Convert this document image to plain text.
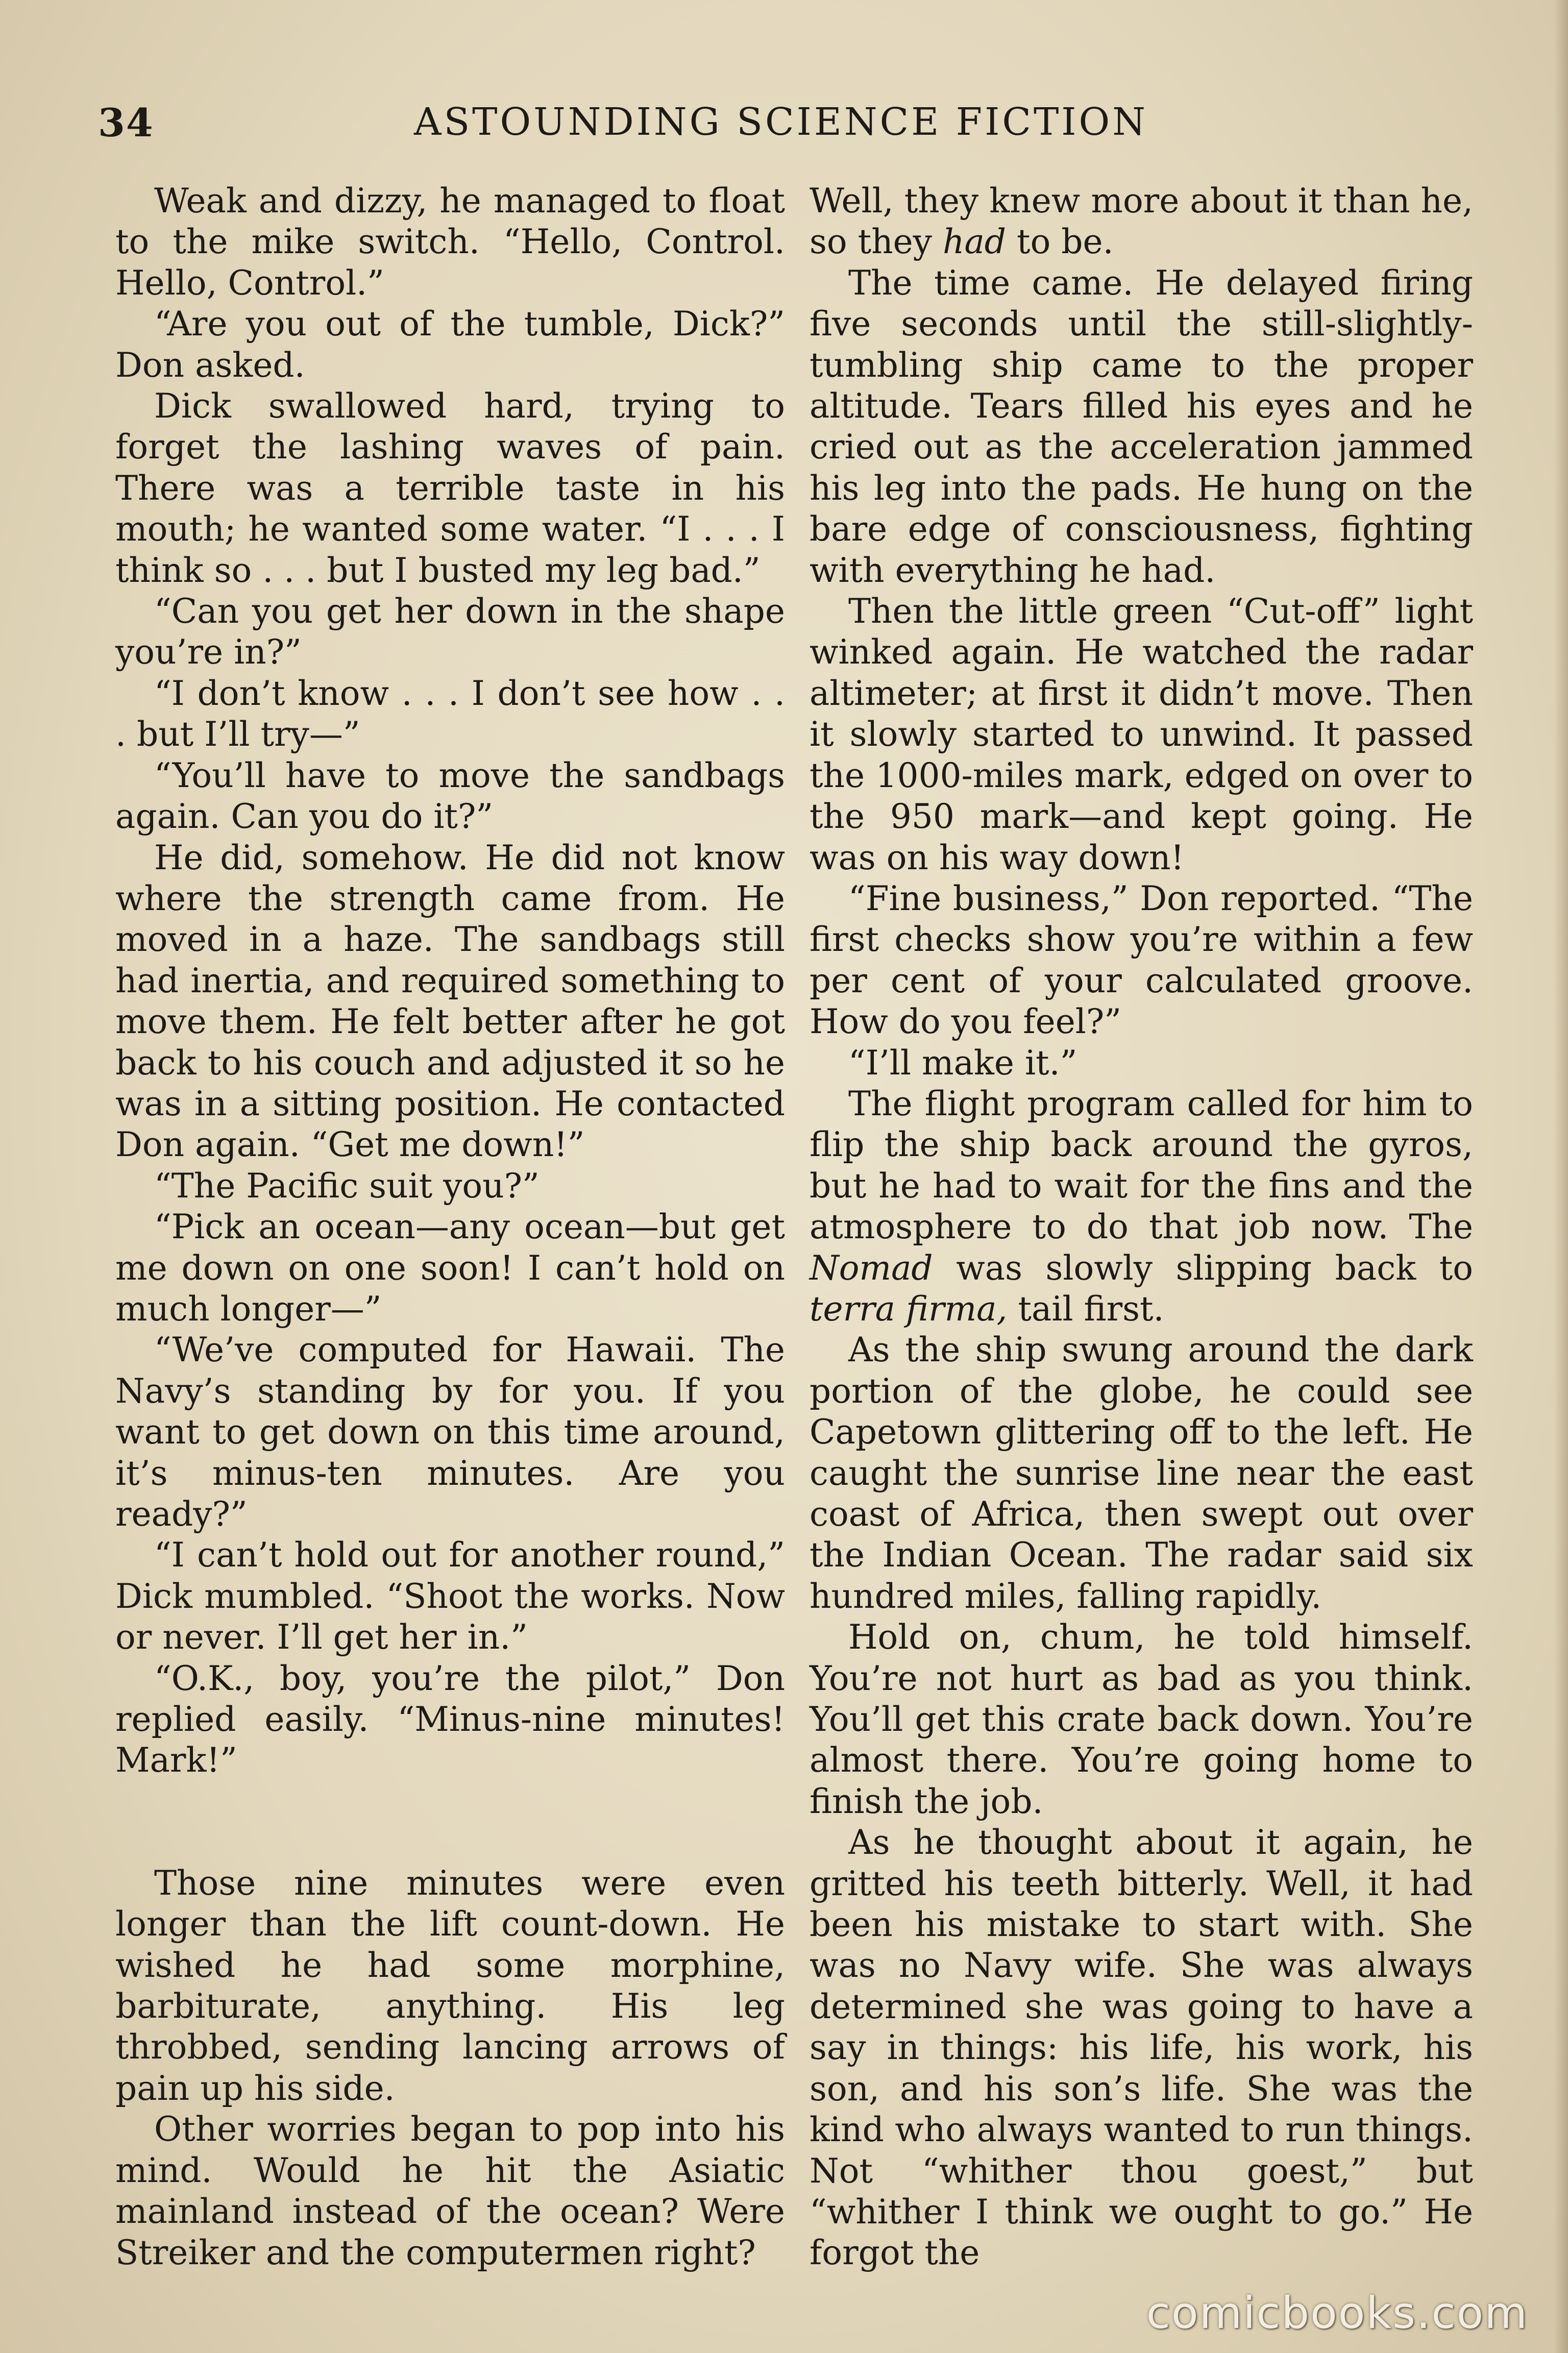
34	ASTOUNDING SCIENCE FICTION

Weak and dizzy, he managed to float to the mike switch. “Hello, Control. Hello, Control.”

“Are you out of the tumble, Dick?” Don asked.

Dick swallowed hard, trying to forget the lashing waves of pain. There was a terrible taste in his mouth; he wanted some water. “I . . . I think so . . . but I busted my leg bad.”

“Can you get her down in the shape you’re in?”

“I don’t know . . . I don’t see how . . . but I’ll try—”

“You’ll have to move the sandbags again. Can you do it?”

He did, somehow. He did not know where the strength came from. He moved in a haze. The sandbags still had inertia, and required something to move them. He felt better after he got back to his couch and adjusted it so he was in a sitting position. He contacted Don again. “Get me down!”

“The Pacific suit you?”

“Pick an ocean—any ocean—but get me down on one soon! I can’t hold on much longer—”

“We’ve computed for Hawaii. The Navy’s standing by for you. If you want to get down on this time around, it’s minus-ten minutes. Are you ready?”

“I can’t hold out for another round,” Dick mumbled. “Shoot the works. Now or never. I’ll get her in.”

“O.K., boy, you’re the pilot,” Don replied easily. “Minus-nine minutes! Mark!”

Those nine minutes were even longer than the lift count-down. He wished he had some morphine, barbiturate, anything. His leg throbbed, sending lancing arrows of pain up his side.

Other worries began to pop into his mind. Would he hit the Asiatic mainland instead of the ocean? Were Streiker and the computermen right?

Well, they knew more about it than he, so they had to be.

The time came. He delayed firing five seconds until the still-slightly-tumbling ship came to the proper altitude. Tears filled his eyes and he cried out as the acceleration jammed his leg into the pads. He hung on the bare edge of consciousness, fighting with everything he had.

Then the little green “Cut-off” light winked again. He watched the radar altimeter; at first it didn’t move. Then it slowly started to unwind. It passed the 1000-miles mark, edged on over to the 950 mark—and kept going. He was on his way down!

“Fine business,” Don reported. “The first checks show you’re within a few per cent of your calculated groove. How do you feel?”

“I’ll make it.”

The flight program called for him to flip the ship back around the gyros, but he had to wait for the fins and the atmosphere to do that job now. The Nomad was slowly slipping back to terra firma, tail first.

As the ship swung around the dark portion of the globe, he could see Capetown glittering off to the left. He caught the sunrise line near the east coast of Africa, then swept out over the Indian Ocean. The radar said six hundred miles, falling rapidly.

Hold on, chum, he told himself. You’re not hurt as bad as you think. You’ll get this crate back down. You’re almost there. You’re going home to finish the job.

As he thought about it again, he gritted his teeth bitterly. Well, it had been his mistake to start with. She was no Navy wife. She was always determined she was going to have a say in things: his life, his work, his son, and his son’s life. She was the kind who always wanted to run things. Not “whither thou goest,” but “whither I think we ought to go.” He forgot the

comicbooks.com
